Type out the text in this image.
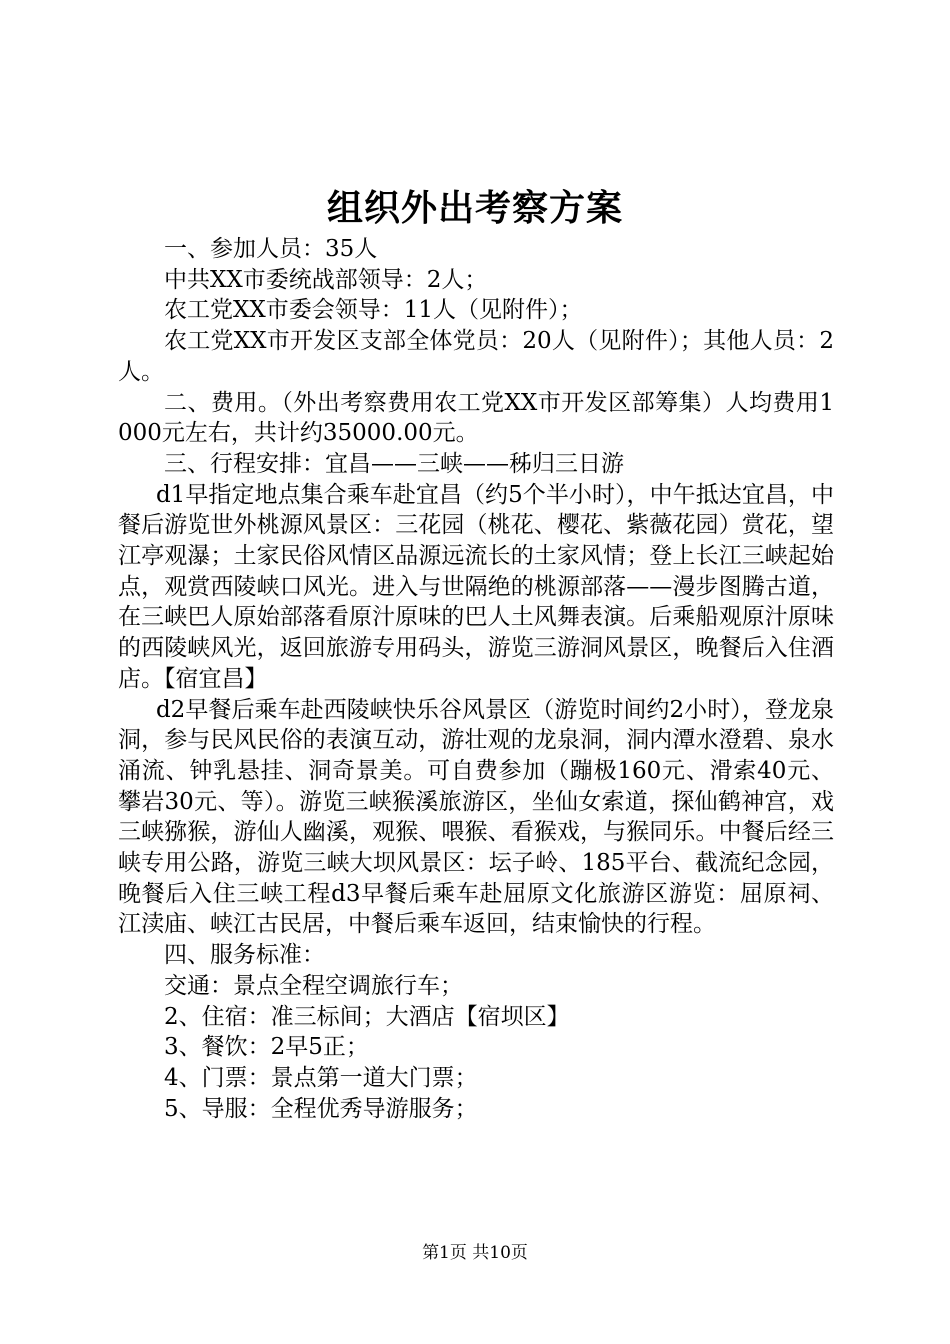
组织外出考察方案

一、参加人员：35人

中共XX市委统战部领导：2人；

农工党XX市委会领导：11人（见附件）；

农工党XX市开发区支部全体党员：20人（见附件）；其他人员：2人。

二、费用。（外出考察费用农工党XX市开发区部筹集）人均费用1000元左右，共计约35000.00元。

三、行程安排：宜昌——三峡——秭归三日游

d1早指定地点集合乘车赴宜昌（约5个半小时），中午抵达宜昌，中餐后游览世外桃源风景区：三花园（桃花、樱花、紫薇花园）赏花，望江亭观瀑；土家民俗风情区品源远流长的土家风情；登上长江三峡起始点，观赏西陵峡口风光。进入与世隔绝的桃源部落——漫步图腾古道，在三峡巴人原始部落看原汁原味的巴人土风舞表演。后乘船观原汁原味的西陵峡风光，返回旅游专用码头，游览三游洞风景区，晚餐后入住酒店。【宿宜昌】

d2早餐后乘车赴西陵峡快乐谷风景区（游览时间约2小时），登龙泉洞，参与民风民俗的表演互动，游壮观的龙泉洞，洞内潭水澄碧、泉水涌流、钟乳悬挂、洞奇景美。可自费参加（蹦极160元、滑索40元、攀岩30元、等）。游览三峡猴溪旅游区，坐仙女索道，探仙鹤神宫，戏三峡猕猴，游仙人幽溪，观猴、喂猴、看猴戏，与猴同乐。中餐后经三峡专用公路，游览三峡大坝风景区：坛子岭、185平台、截流纪念园，晚餐后入住三峡工程d3早餐后乘车赴屈原文化旅游区游览：屈原祠、江渎庙、峡江古民居，中餐后乘车返回，结束愉快的行程。

四、服务标准：

交通：景点全程空调旅行车；

2、住宿：准三标间；大酒店【宿坝区】

3、餐饮：2早5正；

4、门票：景点第一道大门票；

5、导服：全程优秀导游服务；

第1页 共10页
